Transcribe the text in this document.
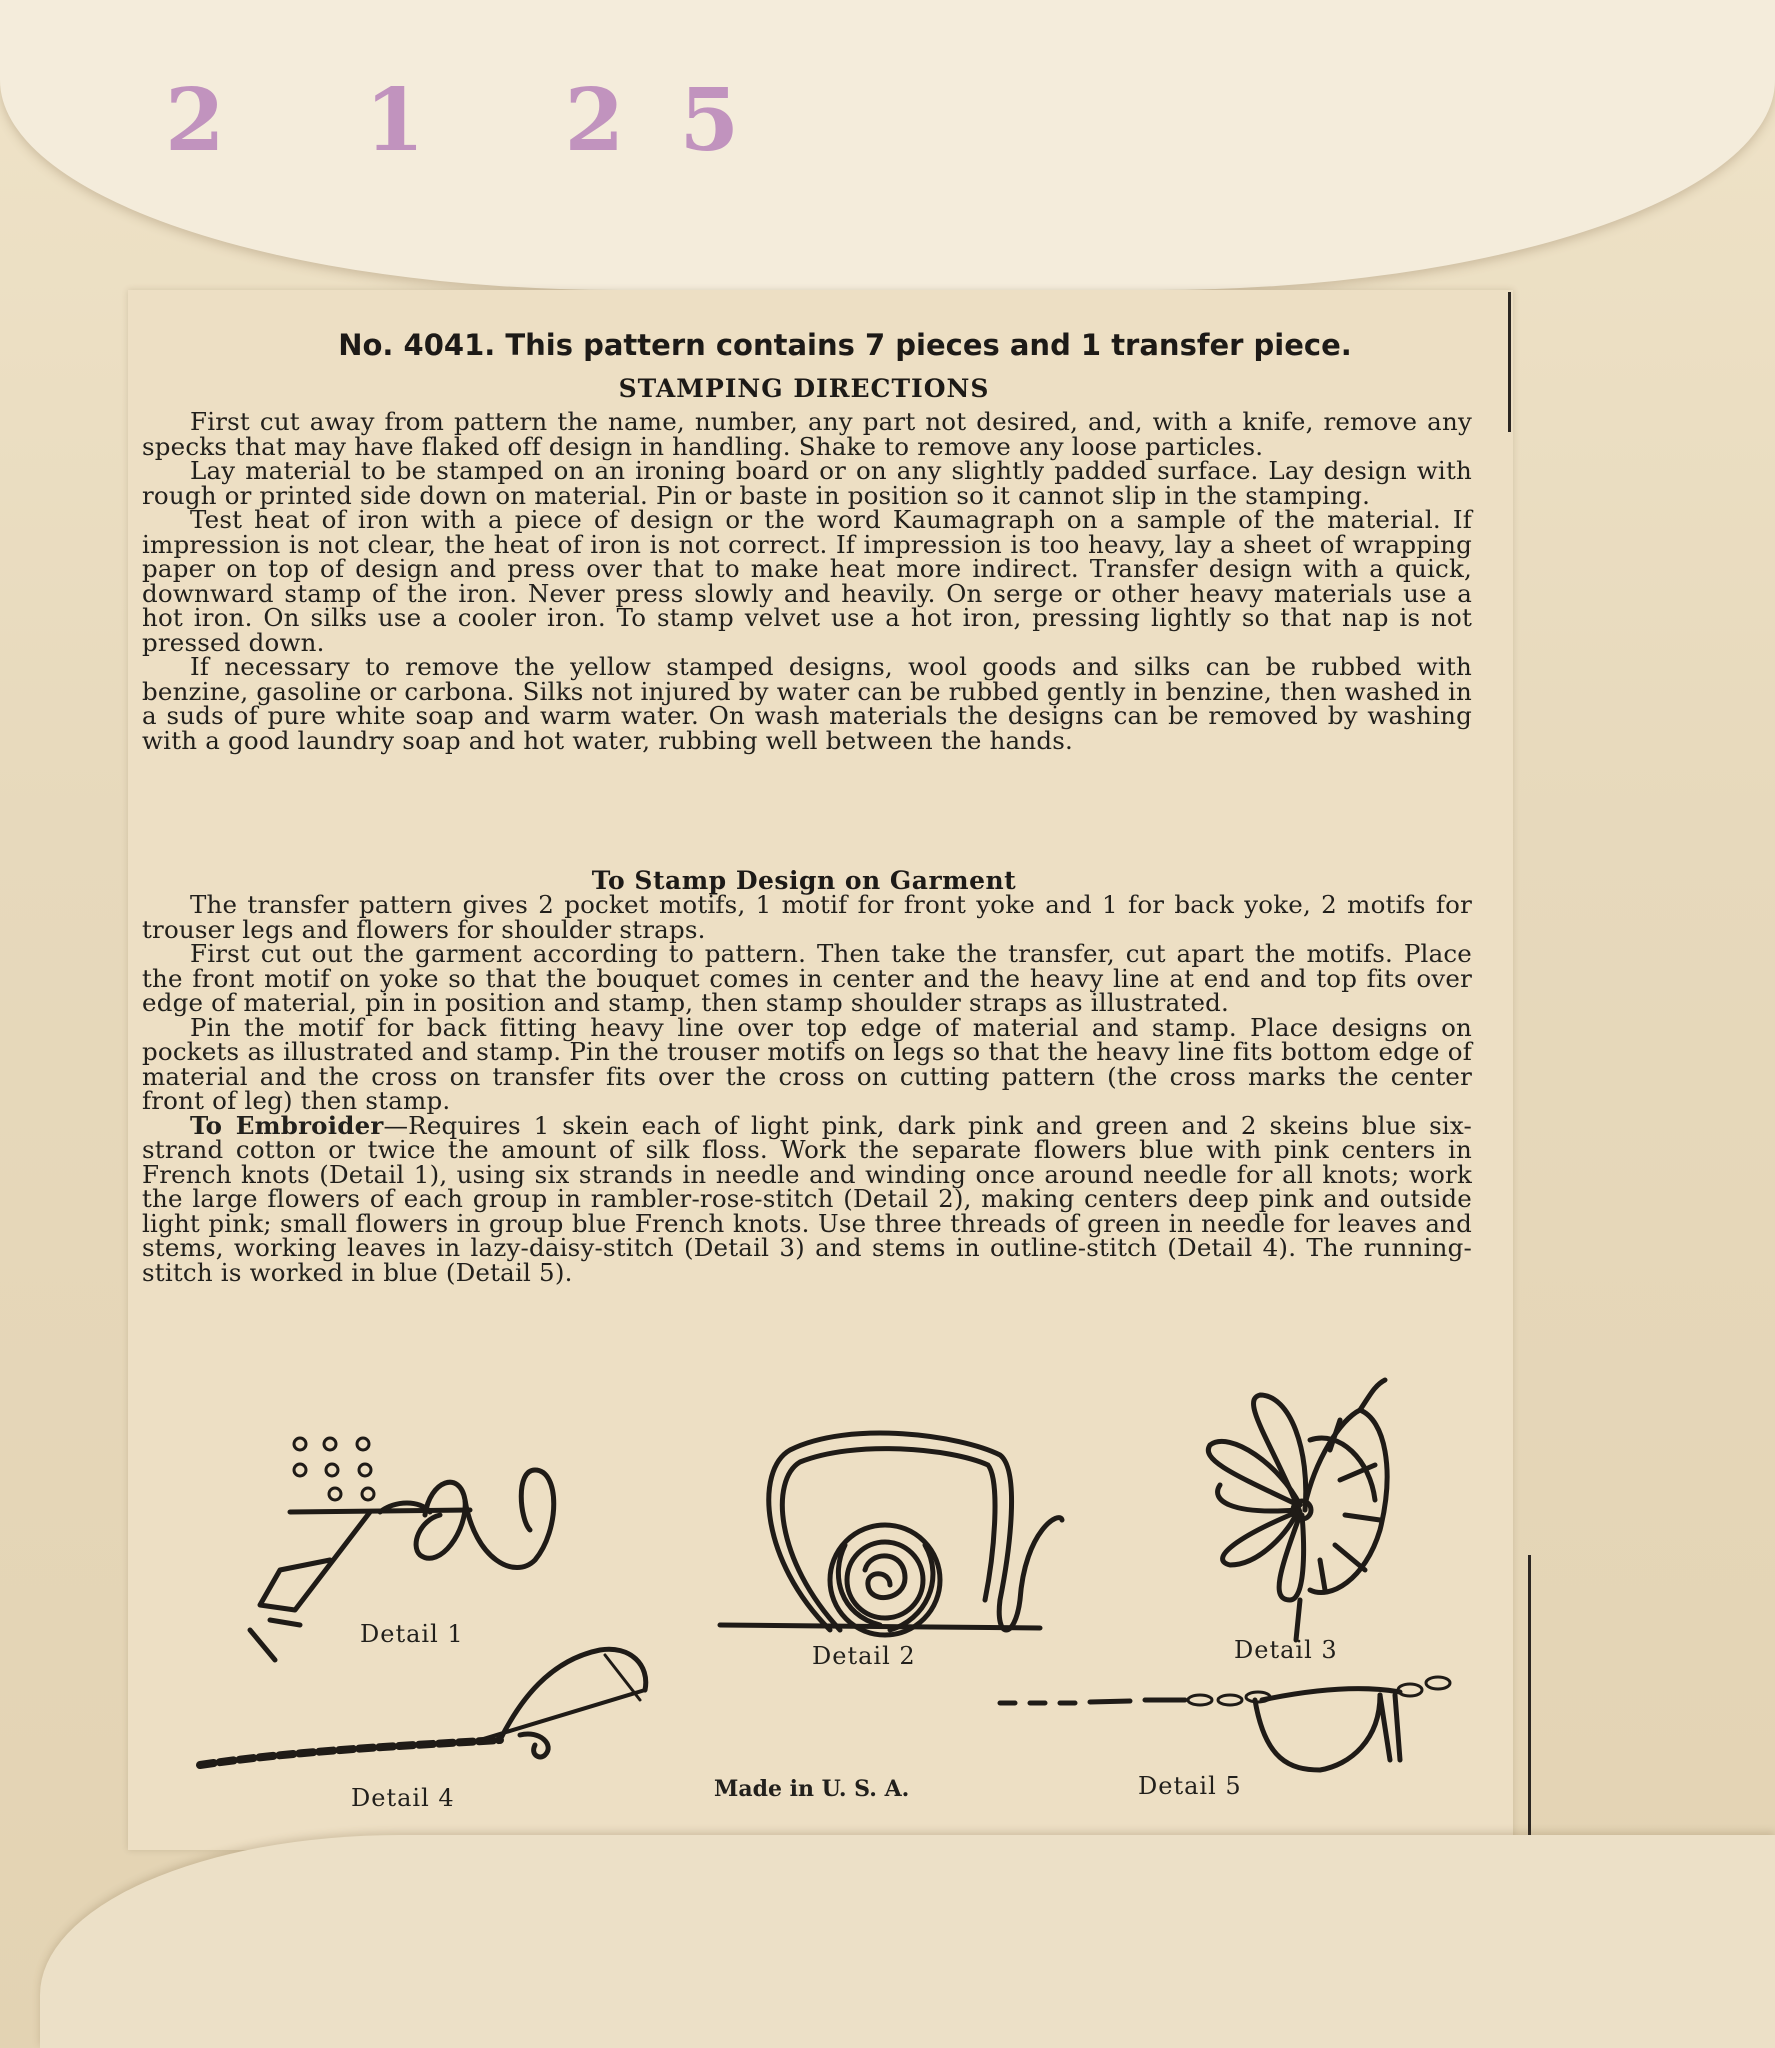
2 1 25
No. 4041. This pattern contains 7 pieces and 1 transfer piece.
STAMPING DIRECTIONS

First cut away from pattern the name, number, any part not desired, and, with a knife, remove any specks that may have flaked off design in handling. Shake to remove any loose particles.

Lay material to be stamped on an ironing board or on any slightly padded surface. Lay design with rough or printed side down on material. Pin or baste in position so it cannot slip in the stamping.

Test heat of iron with a piece of design or the word Kaumagraph on a sample of the material. If impression is not clear, the heat of iron is not correct. If impression is too heavy, lay a sheet of wrapping paper on top of design and press over that to make heat more indirect. Transfer design with a quick, downward stamp of the iron. Never press slowly and heavily. On serge or other heavy materials use a hot iron. On silks use a cooler iron. To stamp velvet use a hot iron, pressing lightly so that nap is not pressed down.

If necessary to remove the yellow stamped designs, wool goods and silks can be rubbed with benzine, gasoline or carbona. Silks not injured by water can be rubbed gently in benzine, then washed in a suds of pure white soap and warm water. On wash materials the designs can be removed by washing with a good laundry soap and hot water, rubbing well between the hands.

To Stamp Design on Garment

The transfer pattern gives 2 pocket motifs, 1 motif for front yoke and 1 for back yoke, 2 motifs for trouser legs and flowers for shoulder straps.

First cut out the garment according to pattern. Then take the transfer, cut apart the motifs. Place the front motif on yoke so that the bouquet comes in center and the heavy line at end and top fits over edge of material, pin in position and stamp, then stamp shoulder straps as illustrated.

Pin the motif for back fitting heavy line over top edge of material and stamp. Place designs on pockets as illustrated and stamp. Pin the trouser motifs on legs so that the heavy line fits bottom edge of material and the cross on transfer fits over the cross on cutting pattern (the cross marks the center front of leg) then stamp.

To Embroider—Requires 1 skein each of light pink, dark pink and green and 2 skeins blue six-strand cotton or twice the amount of silk floss. Work the separate flowers blue with pink centers in French knots (Detail 1), using six strands in needle and winding once around needle for all knots; work the large flowers of each group in rambler-rose-stitch (Detail 2), making centers deep pink and outside light pink; small flowers in group blue French knots. Use three threads of green in needle for leaves and stems, working leaves in lazy-daisy-stitch (Detail 3) and stems in outline-stitch (Detail 4). The running-stitch is worked in blue (Detail 5).

Detail 1
Detail 2	Detail 3
Detail 4	Detail 5
Made in U. S. A.
